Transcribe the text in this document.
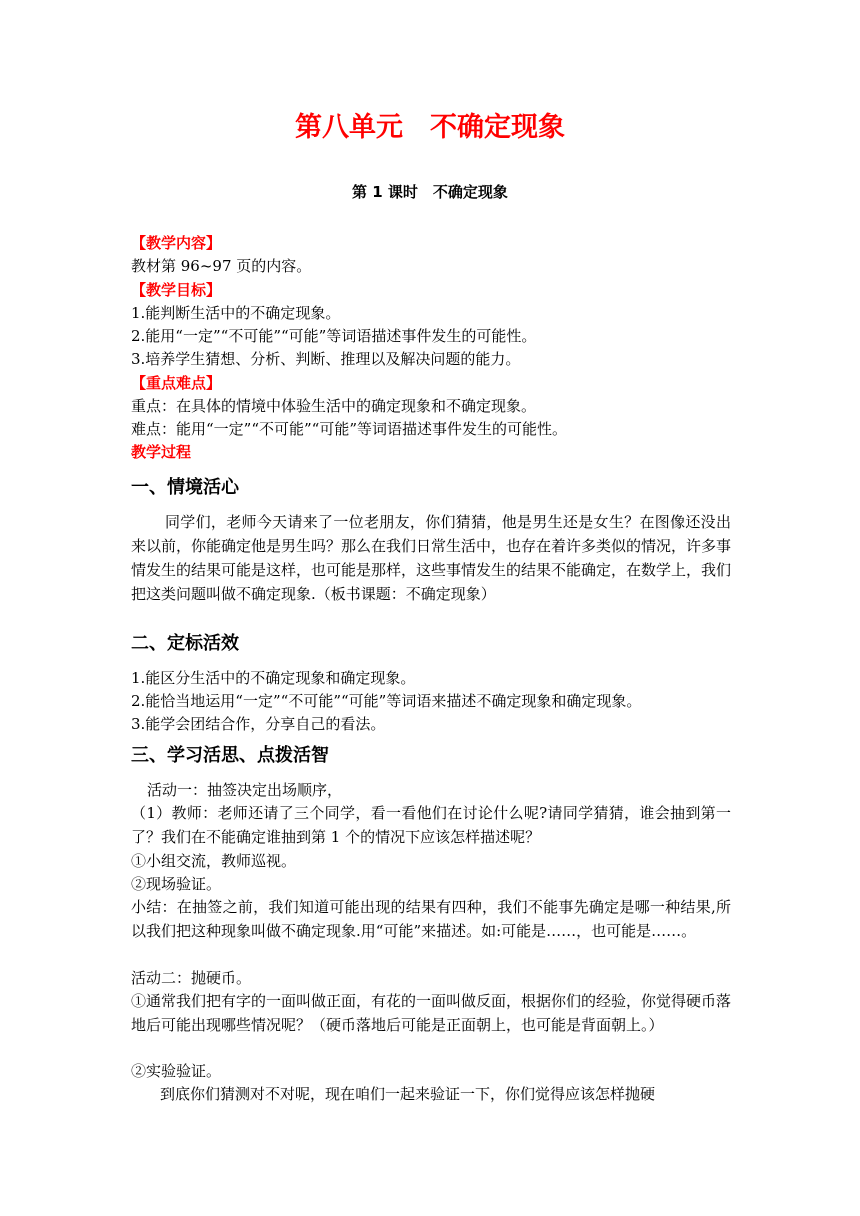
第八单元　不确定现象
第 1 课时　不确定现象
【教学内容】
教材第 96~97 页的内容。
【教学目标】
1.能判断生活中的不确定现象。
2.能用“一定”“不可能”“可能”等词语描述事件发生的可能性。
3.培养学生猜想、分析、判断、推理以及解决问题的能力。
【重点难点】
重点：在具体的情境中体验生活中的确定现象和不确定现象。
难点：能用“一定”“不可能”“可能”等词语描述事件发生的可能性。
教学过程
一、情境活心
同学们，老师今天请来了一位老朋友，你们猜猜，他是男生还是女生？在图像还没出来以前，你能确定他是男生吗？那么在我们日常生活中，也存在着许多类似的情况，许多事情发生的结果可能是这样，也可能是那样，这些事情发生的结果不能确定，在数学上，我们把这类问题叫做不确定现象.（板书课题：不确定现象）
二、定标活效
1.能区分生活中的不确定现象和确定现象。
2.能恰当地运用“一定”“不可能”“可能”等词语来描述不确定现象和确定现象。
3.能学会团结合作，分享自己的看法。
三、学习活思、点拨活智
活动一：抽签决定出场顺序，
（1）教师：老师还请了三个同学，看一看他们在讨论什么呢?请同学猜猜，谁会抽到第一了？我们在不能确定谁抽到第 1 个的情况下应该怎样描述呢？
①小组交流，教师巡视。
②现场验证。
小结：在抽签之前，我们知道可能出现的结果有四种，我们不能事先确定是哪一种结果,所以我们把这种现象叫做不确定现象.用“可能”来描述。如:可能是……，也可能是……。
活动二：抛硬币。
①通常我们把有字的一面叫做正面，有花的一面叫做反面，根据你们的经验，你觉得硬币落地后可能出现哪些情况呢？（硬币落地后可能是正面朝上，也可能是背面朝上。）
②实验验证。
到底你们猜测对不对呢，现在咱们一起来验证一下，你们觉得应该怎样抛硬
